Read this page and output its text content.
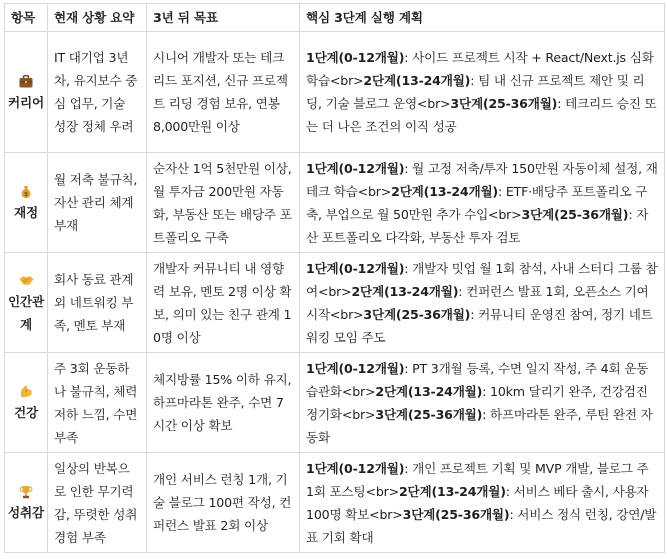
항목	현재 상황 요약	3년 뒤 목표	핵심 3단계 실행 계획

커리어	IT 대기업 3년차, 유지보수 중심 업무, 기술 성장 정체 우려	시니어 개발자 또는 테크리드 포지션, 신규 프로젝트 리딩 경험 보유, 연봉 8,000만원 이상	1단계(0-12개월): 사이드 프로젝트 시작 + React/Next.js 심화 학습<br>2단계(13-24개월): 팀 내 신규 프로젝트 제안 및 리딩, 기술 블로그 운영<br>3단계(25-36개월): 테크리드 승진 또는 더 나은 조건의 이직 성공

$
재정	월 저축 불규칙, 자산 관리 체계 부재	순자산 1억 5천만원 이상, 월 투자금 200만원 자동화, 부동산 또는 배당주 포트폴리오 구축	1단계(0-12개월): 월 고정 저축/투자 150만원 자동이체 설정, 재테크 학습<br>2단계(13-24개월): ETF·배당주 포트폴리오 구축, 부업으로 월 50만원 추가 수입<br>3단계(25-36개월): 자산 포트폴리오 다각화, 부동산 투자 검토

인간관계	회사 동료 관계 외 네트워킹 부족, 멘토 부재	개발자 커뮤니티 내 영향력 보유, 멘토 2명 이상 확보, 의미 있는 친구 관계 10명 이상	1단계(0-12개월): 개발자 밋업 월 1회 참석, 사내 스터디 그룹 참여<br>2단계(13-24개월): 컨퍼런스 발표 1회, 오픈소스 기여 시작<br>3단계(25-36개월): 커뮤니티 운영진 참여, 정기 네트워킹 모임 주도

건강	주 3회 운동하나 불규칙, 체력 저하 느낌, 수면 부족	체지방률 15% 이하 유지, 하프마라톤 완주, 수면 7시간 이상 확보	1단계(0-12개월): PT 3개월 등록, 수면 일지 작성, 주 4회 운동 습관화<br>2단계(13-24개월): 10km 달리기 완주, 건강검진 정기화<br>3단계(25-36개월): 하프마라톤 완주, 루틴 완전 자동화

성취감	일상의 반복으로 인한 무기력감, 뚜렷한 성취 경험 부족	개인 서비스 런칭 1개, 기술 블로그 100편 작성, 컨퍼런스 발표 2회 이상	1단계(0-12개월): 개인 프로젝트 기획 및 MVP 개발, 블로그 주 1회 포스팅<br>2단계(13-24개월): 서비스 베타 출시, 사용자 100명 확보<br>3단계(25-36개월): 서비스 정식 런칭, 강연/발표 기회 확대
